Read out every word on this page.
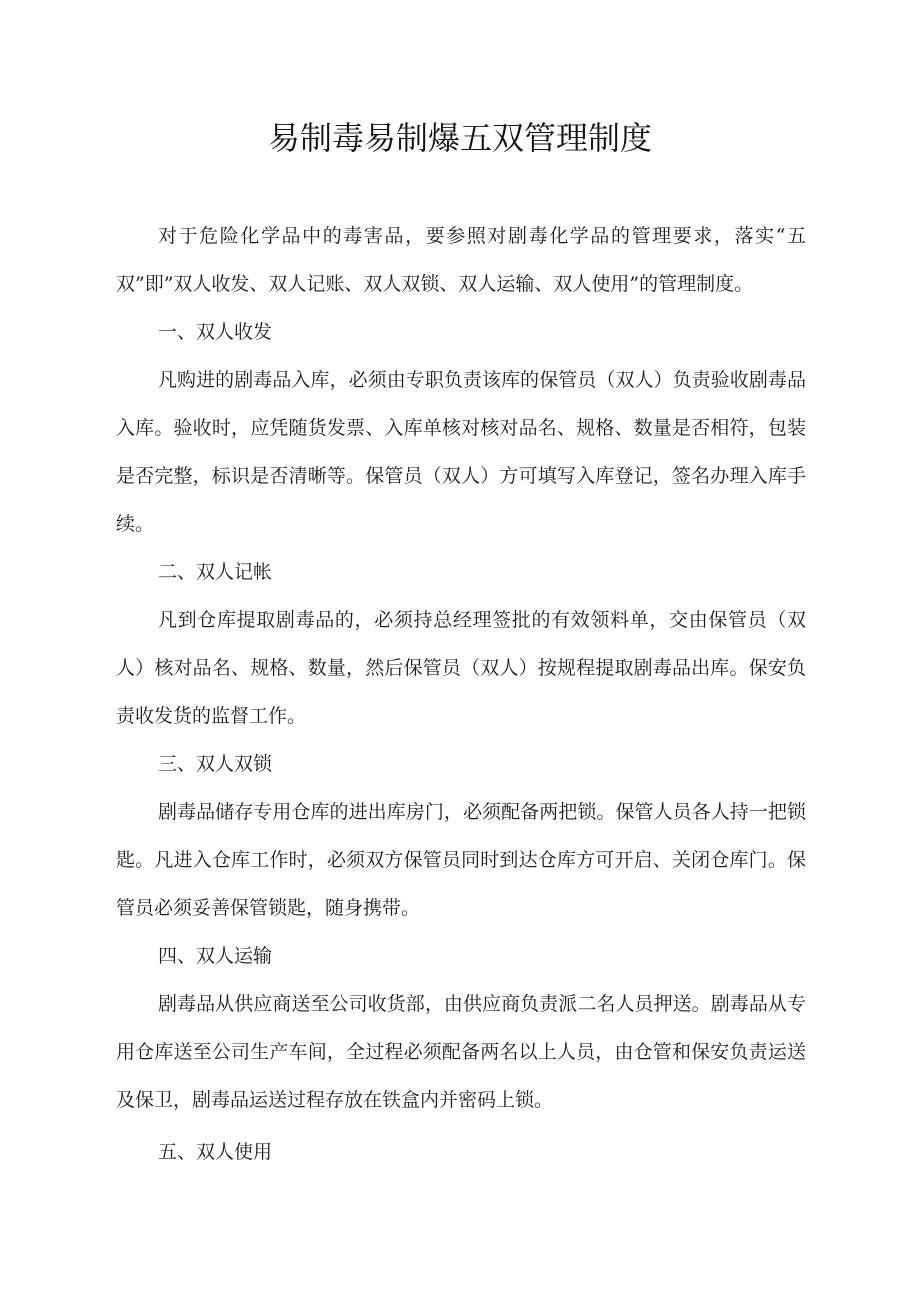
易制毒易制爆五双管理制度

对于危险化学品中的毒害品，要参照对剧毒化学品的管理要求，落实“五双”即”双人收发、双人记账、双人双锁、双人运输、双人使用”的管理制度。

一、双人收发

凡购进的剧毒品入库，必须由专职负责该库的保管员（双人）负责验收剧毒品入库。验收时，应凭随货发票、入库单核对核对品名、规格、数量是否相符，包装是否完整，标识是否清晰等。保管员（双人）方可填写入库登记，签名办理入库手续。

二、双人记帐

凡到仓库提取剧毒品的，必须持总经理签批的有效领料单，交由保管员（双人）核对品名、规格、数量，然后保管员（双人）按规程提取剧毒品出库。保安负责收发货的监督工作。

三、双人双锁

剧毒品储存专用仓库的进出库房门，必须配备两把锁。保管人员各人持一把锁匙。凡进入仓库工作时，必须双方保管员同时到达仓库方可开启、关闭仓库门。保管员必须妥善保管锁匙，随身携带。

四、双人运输

剧毒品从供应商送至公司收货部，由供应商负责派二名人员押送。剧毒品从专用仓库送至公司生产车间，全过程必须配备两名以上人员，由仓管和保安负责运送及保卫，剧毒品运送过程存放在铁盒内并密码上锁。

五、双人使用
